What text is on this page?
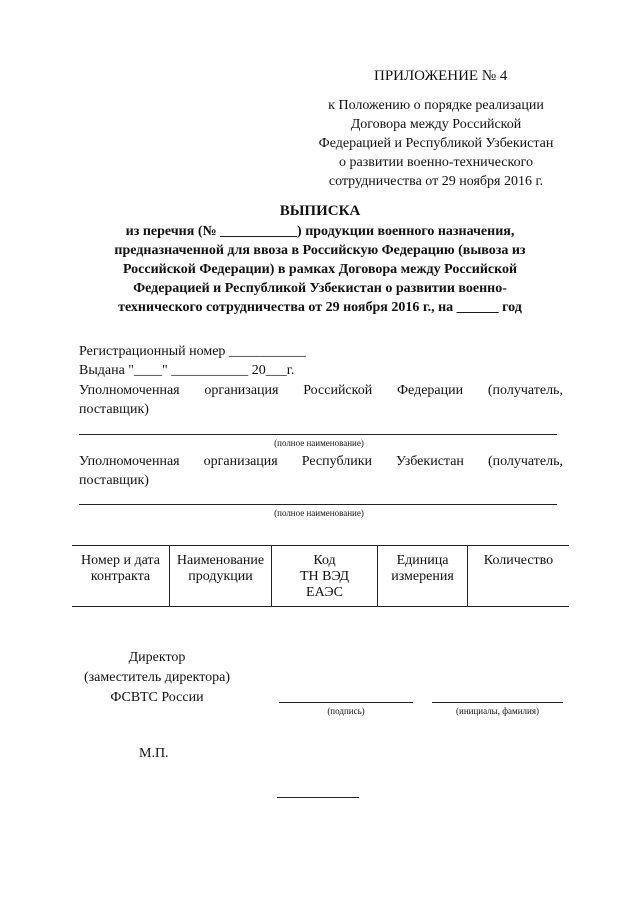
ПРИЛОЖЕНИЕ № 4
к Положению о порядке реализации
Договора между Российской
Федерацией и Республикой Узбекистан
о развитии военно-технического
сотрудничества от 29 ноября 2016 г.
ВЫПИСКА
из перечня (№ ___________) продукции военного назначения,
предназначенной для ввоза в Российскую Федерацию (вывоза из
Российской Федерации) в рамках Договора между Российской
Федерацией и Республикой Узбекистан о развитии военно-
технического сотрудничества от 29 ноября 2016 г., на ______ год
Регистрационный номер ___________
Выдана "____" ___________ 20___г.
Уполномоченная организация Российской Федерации (получатель,
поставщик)
(полное наименование)
Уполномоченная организация Республики Узбекистан (получатель,
поставщик)
(полное наименование)
Номер и дата
контракта
Наименование
продукции
Код
ТН ВЭД
ЕАЭС
Единица
измерения
Количество
Директор
(заместитель директора)
ФСВТС России
(подпись)	(инициалы, фамилия)
М.П.
